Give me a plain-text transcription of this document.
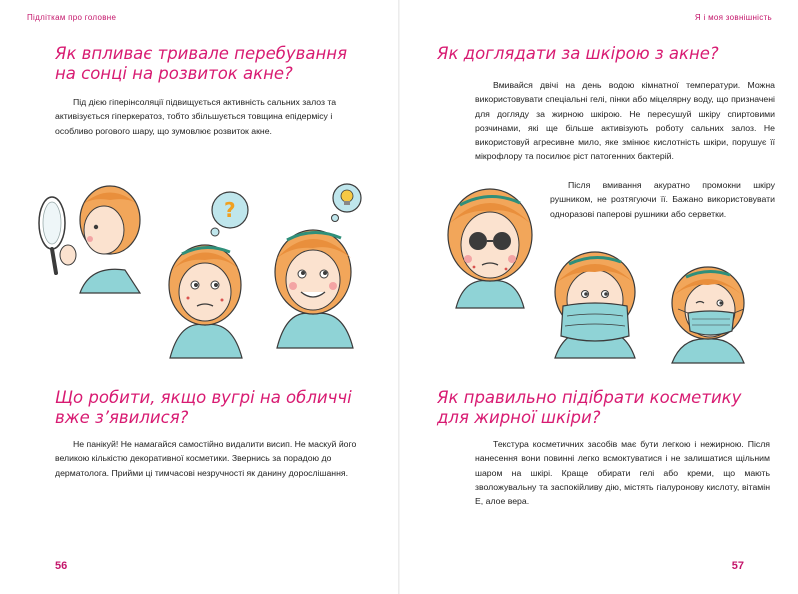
Підліткам про головне
Як впливає тривале перебування
на сонці на розвиток акне?

Під дією гіперінсоляції підвищується активність сальних залоз та активізується гіперкератоз, тобто збільшується товщина епідермісу і особливо рогового шару, що зумовлює розвиток акне.

?
Що робити, якщо вугрі на обличчі
вже з’явилися?

Не панікуй! Не намагайся самостійно видалити висип. Не маскуй його великою кількістю декоративної косметики. Звернись за порадою до дерматолога. Прийми ці тимчасові незручності як данину дорослішання.

56
Я і моя зовнішність
Як доглядати за шкірою з акне?

Вмивайся двічі на день водою кімнатної температури. Можна використовувати спеціальні гелі, пінки або міцелярну воду, що призначені для догляду за жирною шкірою. Не пересушуй шкіру спиртовими розчинами, які ще більше активізують роботу сальних залоз. Не використовуй агресивне мило, яке змінює кислотність шкіри, порушує її мікрофлору та посилює ріст патогенних бактерій.

Після вмивання акуратно промокни шкіру рушником, не розтягуючи її. Бажано використовувати одноразові паперові рушники або серветки.

Як правильно підібрати косметику
для жирної шкіри?

Текстура косметичних засобів має бути легкою і нежирною. Після нанесення вони повинні легко всмоктуватися і не залишатися щільним шаром на шкірі. Краще обирати гелі або креми, що мають зволожувальну та заспокійливу дію, містять гіалуронову кислоту, вітамін Е, алое вера.

57
